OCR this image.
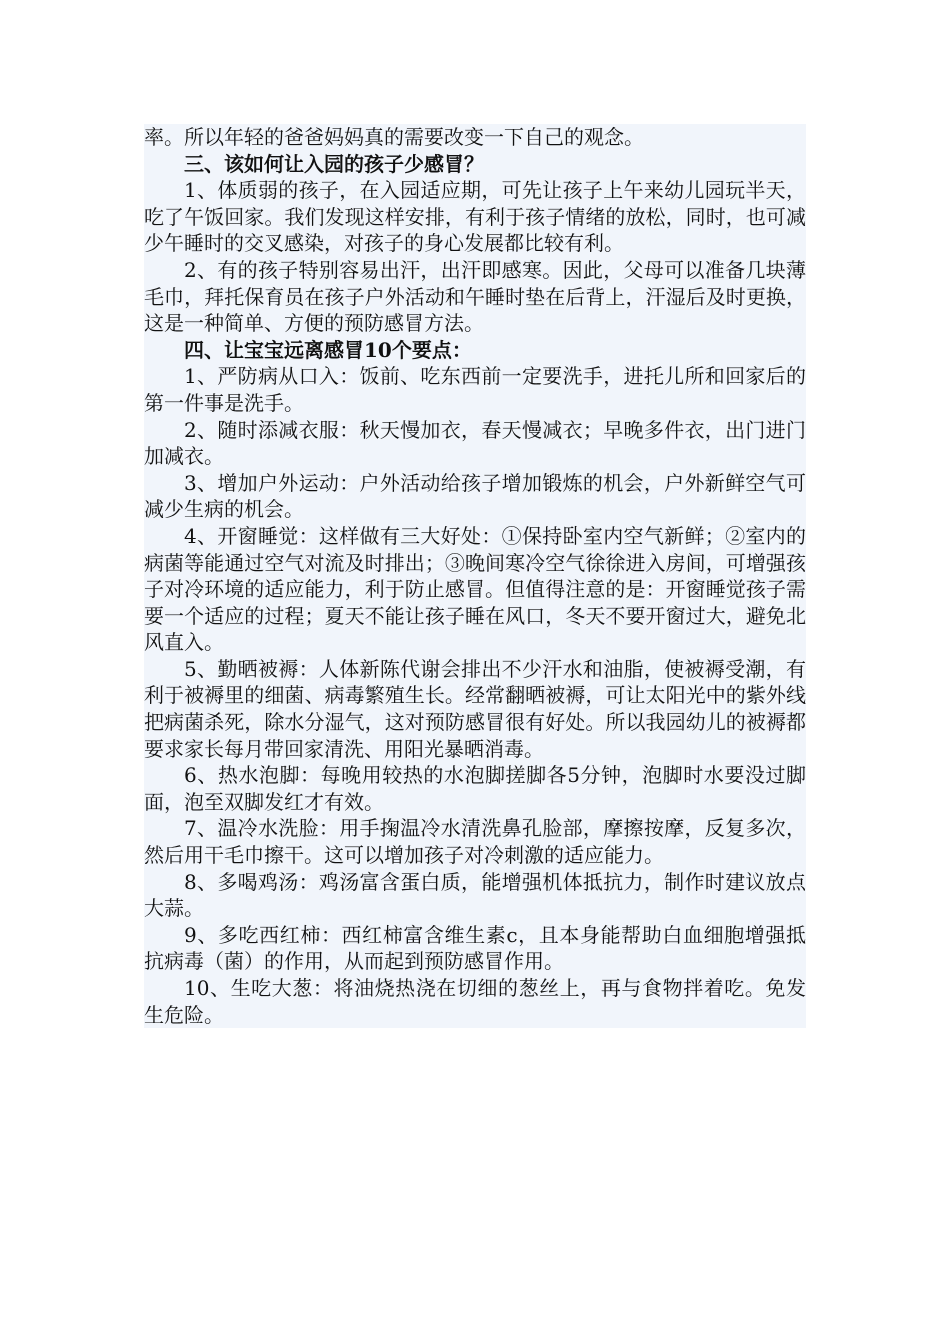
率。所以年轻的爸爸妈妈真的需要改变一下自己的观念。

三、该如何让入园的孩子少感冒？

1、体质弱的孩子，在入园适应期，可先让孩子上午来幼儿园玩半天，吃了午饭回家。我们发现这样安排，有利于孩子情绪的放松，同时，也可减少午睡时的交叉感染，对孩子的身心发展都比较有利。

2、有的孩子特别容易出汗，出汗即感寒。因此，父母可以准备几块薄毛巾，拜托保育员在孩子户外活动和午睡时垫在后背上，汗湿后及时更换，这是一种简单、方便的预防感冒方法。

四、让宝宝远离感冒10个要点：

1、严防病从口入：饭前、吃东西前一定要洗手，进托儿所和回家后的第一件事是洗手。

2、随时添减衣服：秋天慢加衣，春天慢减衣；早晚多件衣，出门进门加减衣。

3、增加户外运动：户外活动给孩子增加锻炼的机会，户外新鲜空气可减少生病的机会。

4、开窗睡觉：这样做有三大好处：①保持卧室内空气新鲜；②室内的病菌等能通过空气对流及时排出；③晚间寒冷空气徐徐进入房间，可增强孩子对冷环境的适应能力，利于防止感冒。但值得注意的是：开窗睡觉孩子需要一个适应的过程；夏天不能让孩子睡在风口，冬天不要开窗过大，避免北风直入。

5、勤晒被褥：人体新陈代谢会排出不少汗水和油脂，使被褥受潮，有利于被褥里的细菌、病毒繁殖生长。经常翻晒被褥，可让太阳光中的紫外线把病菌杀死，除水分湿气，这对预防感冒很有好处。所以我园幼儿的被褥都要求家长每月带回家清洗、用阳光暴晒消毒。

6、热水泡脚：每晚用较热的水泡脚搓脚各5分钟，泡脚时水要没过脚面，泡至双脚发红才有效。

7、温冷水洗脸：用手掬温冷水清洗鼻孔脸部，摩擦按摩，反复多次，然后用干毛巾擦干。这可以增加孩子对冷刺激的适应能力。

8、多喝鸡汤：鸡汤富含蛋白质，能增强机体抵抗力，制作时建议放点大蒜。

9、多吃西红柿：西红柿富含维生素c，且本身能帮助白血细胞增强抵抗病毒（菌）的作用，从而起到预防感冒作用。

10、生吃大葱：将油烧热浇在切细的葱丝上，再与食物拌着吃。免发生危险。
